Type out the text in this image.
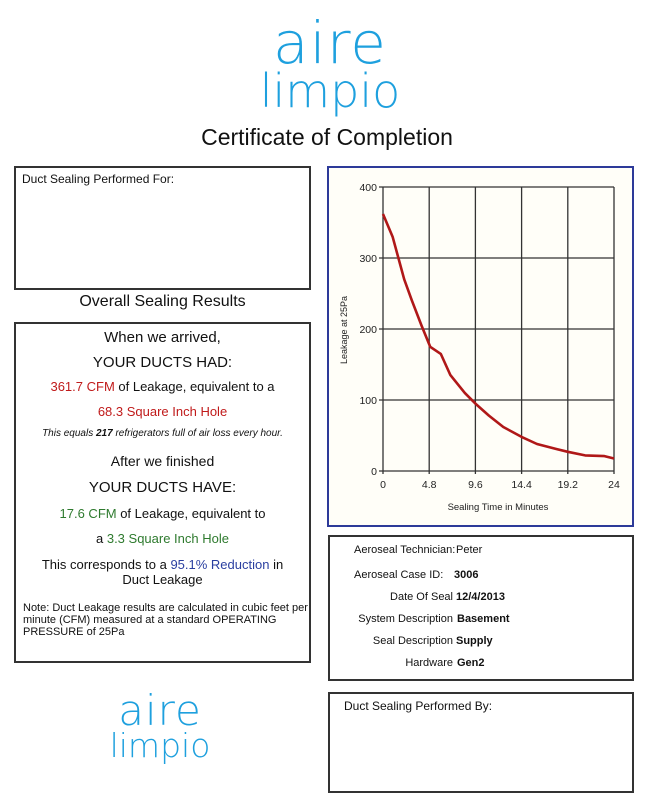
aire
limpio
Certificate of Completion
Duct Sealing Performed For:
Overall Sealing Results
When we arrived,
YOUR DUCTS HAD:
361.7 CFM of Leakage, equivalent to a
68.3 Square Inch Hole
This equals 217 refrigerators full of air loss every hour.
After we finished
YOUR DUCTS HAVE:
17.6 CFM of Leakage, equivalent to
a 3.3 Square Inch Hole
This corresponds to a 95.1% Reduction in
Duct Leakage
Note: Duct Leakage results are calculated in cubic feet per minute (CFM) measured at a standard OPERATING PRESSURE of 25Pa
0	4.8	9.6	14.4 19.2	24
0
100
200
300
400
Sealing Time in Minutes
Leakage at 25Pa
Aeroseal Technician: Peter
Aeroseal Case ID: 3006
Date Of Seal 12/4/2013
System Description Basement
Seal Description Supply
Hardware Gen2
Duct Sealing Performed By:
aire
limpio
